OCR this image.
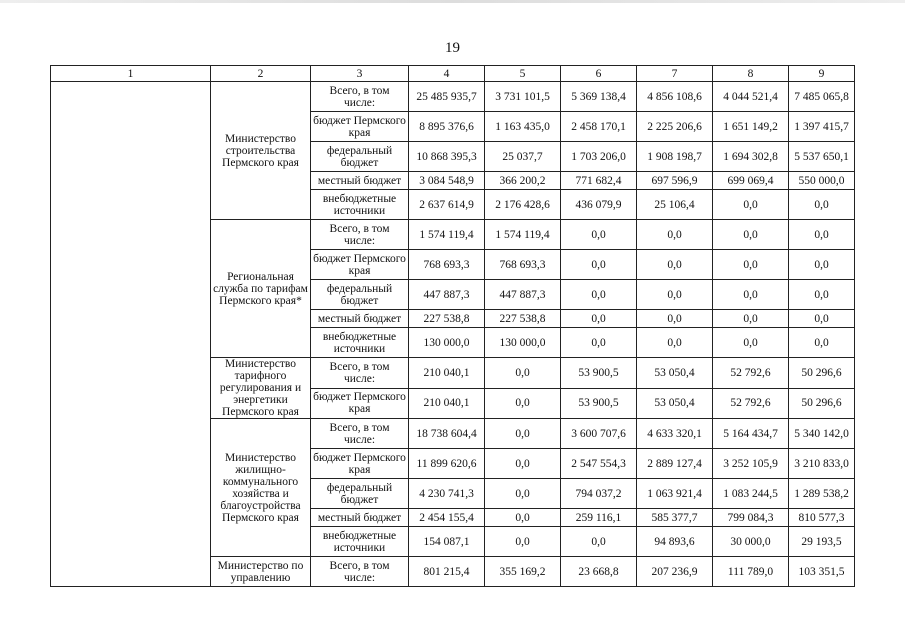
19
1	2	3	4	5	6	7	8	9
	Министерство строительства Пермского края	Всего, в том числе:	25 485 935,7	3 731 101,5	5 369 138,4	4 856 108,6	4 044 521,4	7 485 065,8
		бюджет Пермского края	8 895 376,6	1 163 435,0	2 458 170,1	2 225 206,6	1 651 149,2	1 397 415,7
		федеральный бюджет	10 868 395,3	25 037,7	1 703 206,0	1 908 198,7	1 694 302,8	5 537 650,1
		местный бюджет	3 084 548,9	366 200,2	771 682,4	697 596,9	699 069,4	550 000,0
		внебюджетные источники	2 637 614,9	2 176 428,6	436 079,9	25 106,4	0,0	0,0
	Региональная служба по тарифам Пермского края*	Всего, в том числе:	1 574 119,4	1 574 119,4	0,0	0,0	0,0	0,0
		бюджет Пермского края	768 693,3	768 693,3	0,0	0,0	0,0	0,0
		федеральный бюджет	447 887,3	447 887,3	0,0	0,0	0,0	0,0
		местный бюджет	227 538,8	227 538,8	0,0	0,0	0,0	0,0
		внебюджетные источники	130 000,0	130 000,0	0,0	0,0	0,0	0,0
	Министерство тарифного регулирования и энергетики Пермского края	Всего, в том числе:	210 040,1	0,0	53 900,5	53 050,4	52 792,6	50 296,6
		бюджет Пермского края	210 040,1	0,0	53 900,5	53 050,4	52 792,6	50 296,6
	Министерство жилищно-коммунального хозяйства и благоустройства Пермского края	Всего, в том числе:	18 738 604,4	0,0	3 600 707,6	4 633 320,1	5 164 434,7	5 340 142,0
		бюджет Пермского края	11 899 620,6	0,0	2 547 554,3	2 889 127,4	3 252 105,9	3 210 833,0
		федеральный бюджет	4 230 741,3	0,0	794 037,2	1 063 921,4	1 083 244,5	1 289 538,2
		местный бюджет	2 454 155,4	0,0	259 116,1	585 377,7	799 084,3	810 577,3
		внебюджетные источники	154 087,1	0,0	0,0	94 893,6	30 000,0	29 193,5
	Министерство по управлению	Всего, в том числе:	801 215,4	355 169,2	23 668,8	207 236,9	111 789,0	103 351,5
